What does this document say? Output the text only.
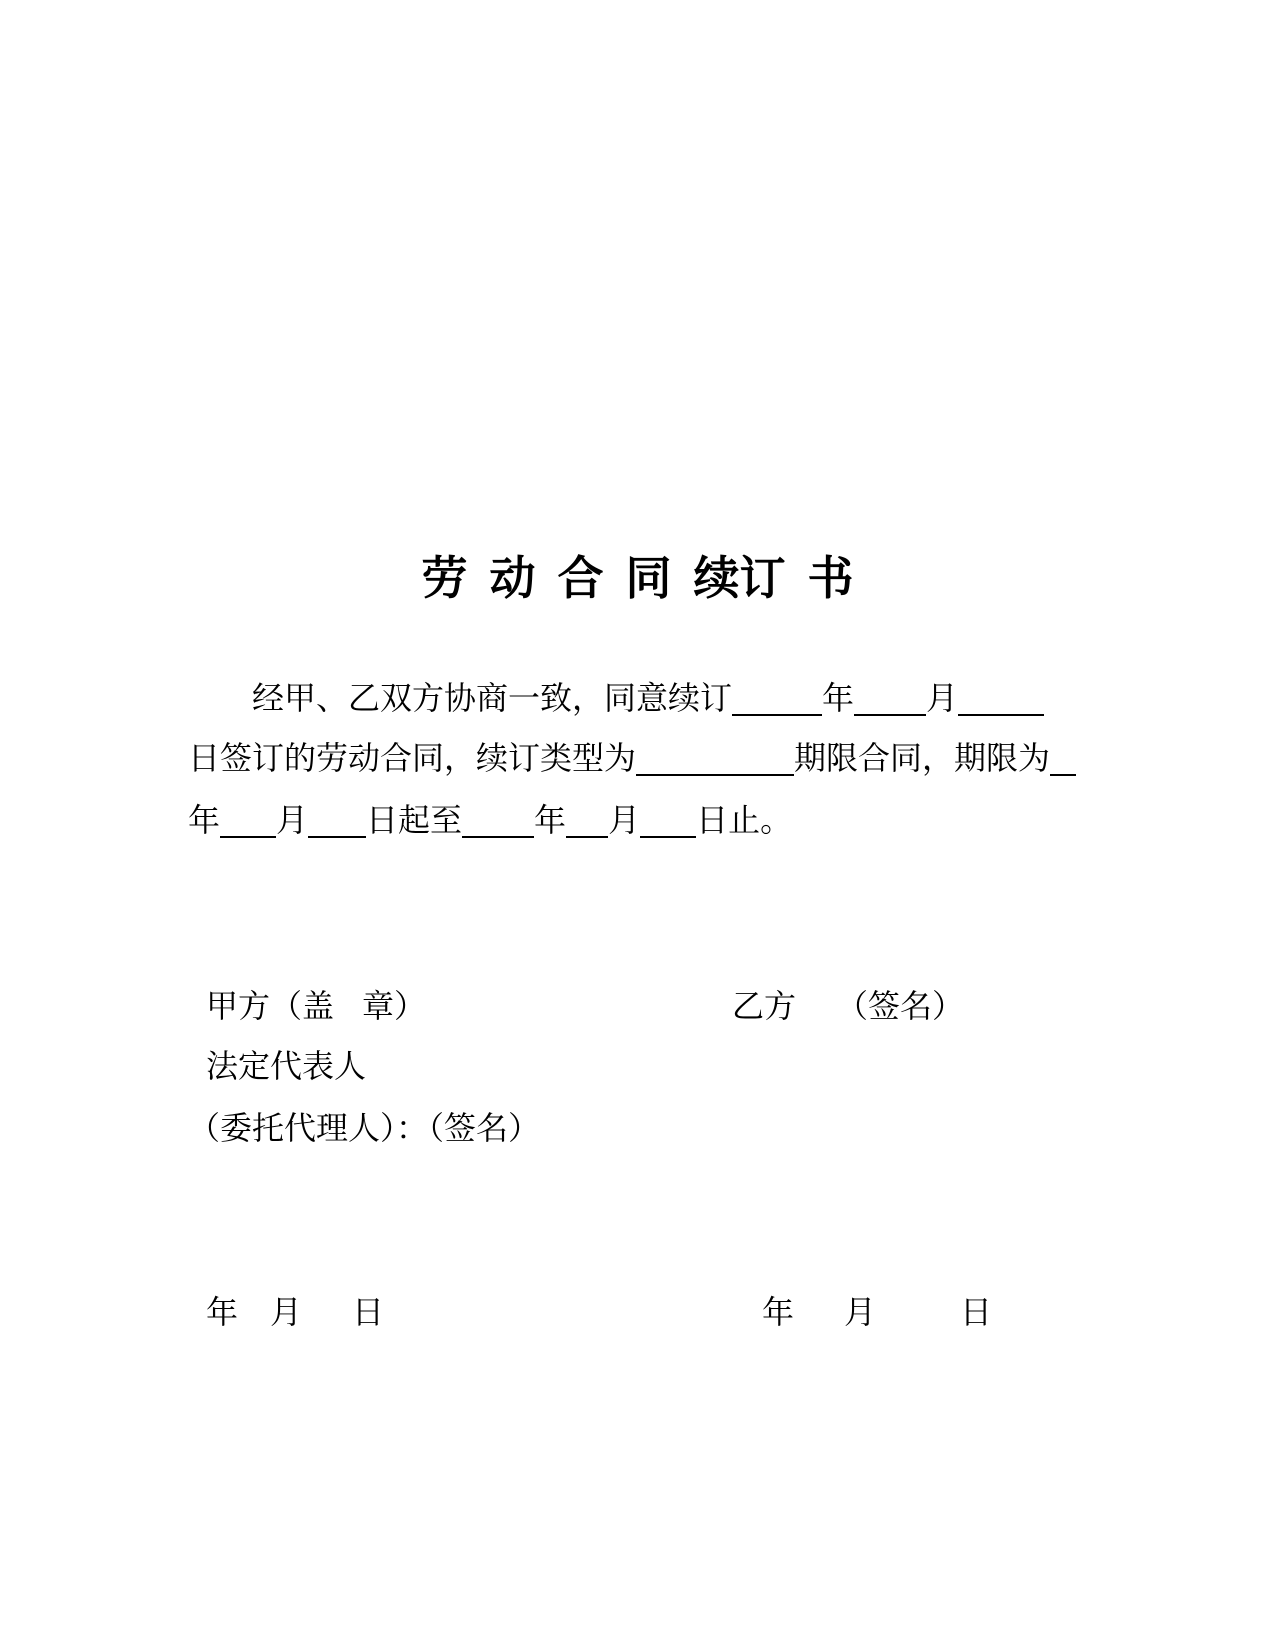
劳 动 合 同 续订 书
经甲、乙双方协商一致，同意续订	年 月
日签订的劳动合同，续订类型为	期限合同，期限为
年 月 日起至 年 月 日止。
甲方（盖 章）
法定代表人
（委托代理人）：（签名）
乙方 （签名）
年 月 日	年 月	日
